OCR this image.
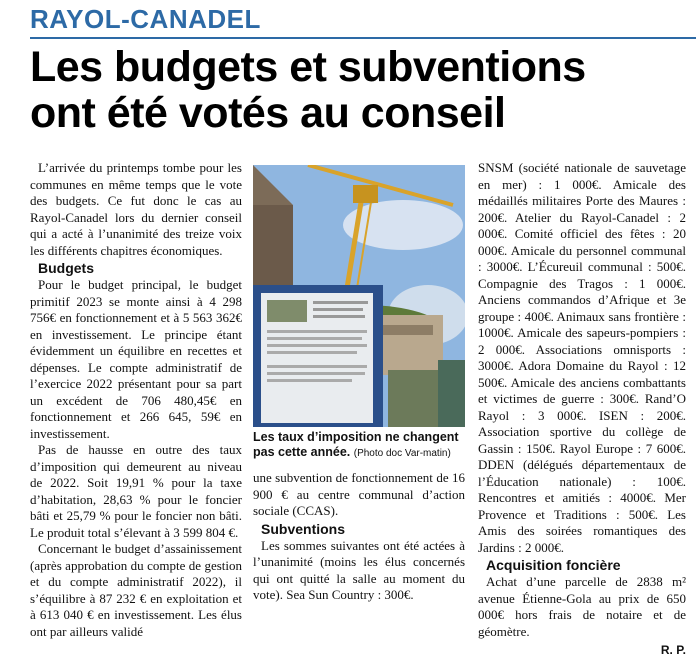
RAYOL-CANADEL
Les budgets et subventions
ont été votés au conseil

L’arrivée du printemps tombe pour les communes en même temps que le vote des budgets. Ce fut donc le cas au Rayol-Canadel lors du dernier conseil qui a acté à l’unanimité des treize voix les différents chapitres économiques.

Budgets

Pour le budget principal, le budget primitif 2023 se monte ainsi à 4 298 756€ en fonctionnement et à 5 563 362€ en investissement. Le principe étant évidemment un équilibre en recettes et dépenses. Le compte administratif de l’exercice 2022 présentant pour sa part un excédent de 706 480,45€ en fonctionnement et 266 645, 59€ en investissement.

Pas de hausse en outre des taux d’imposition qui demeurent au niveau de 2022. Soit 19,91 % pour la taxe d’habitation, 28,63 % pour le foncier bâti et 25,79 % pour le foncier non bâti. Le produit total s’élevant à 3 599 804 €.

Concernant le budget d’assainissement (après approbation du compte de gestion et du compte administratif 2022), il s’équilibre à 87 232 € en exploitation et à 613 040 € en investissement. Les élus ont par ailleurs validé

Les taux d’imposition ne changent pas cette année. (Photo doc Var-matin)

une subvention de fonctionnement de 16 900 € au centre communal d’action sociale (CCAS).

Subventions

Les sommes suivantes ont été actées à l’unanimité (moins les élus concernés qui ont quitté la salle au moment du vote). Sea Sun Country : 300€.

SNSM (société nationale de sauvetage en mer) : 1 000€. Amicale des médaillés militaires Porte des Maures : 200€. Atelier du Rayol-Canadel : 2 000€. Comité officiel des fêtes : 20 000€. Amicale du personnel communal : 3000€. L’Écureuil communal : 500€. Compagnie des Tragos : 1 000€. Anciens commandos d’Afrique et 3e groupe : 400€. Animaux sans frontière : 1000€. Amicale des sapeurs-pompiers : 2 000€. Associations omnisports : 3000€. Adora Domaine du Rayol : 12 500€. Amicale des anciens combattants et victimes de guerre : 300€. Rand’O Rayol : 3 000€. ISEN : 200€. Association sportive du collège de Gassin : 150€. Rayol Europe : 7 600€. DDEN (délégués départementaux de l’Éducation nationale) : 100€. Rencontres et amitiés : 4000€. Mer Provence et Traditions : 500€. Les Amis des soirées romantiques des Jardins : 2 000€.

Acquisition foncière

Achat d’une parcelle de 2838 m² avenue Étienne-Gola au prix de 650 000€ hors frais de notaire et de géomètre.

R. P.
